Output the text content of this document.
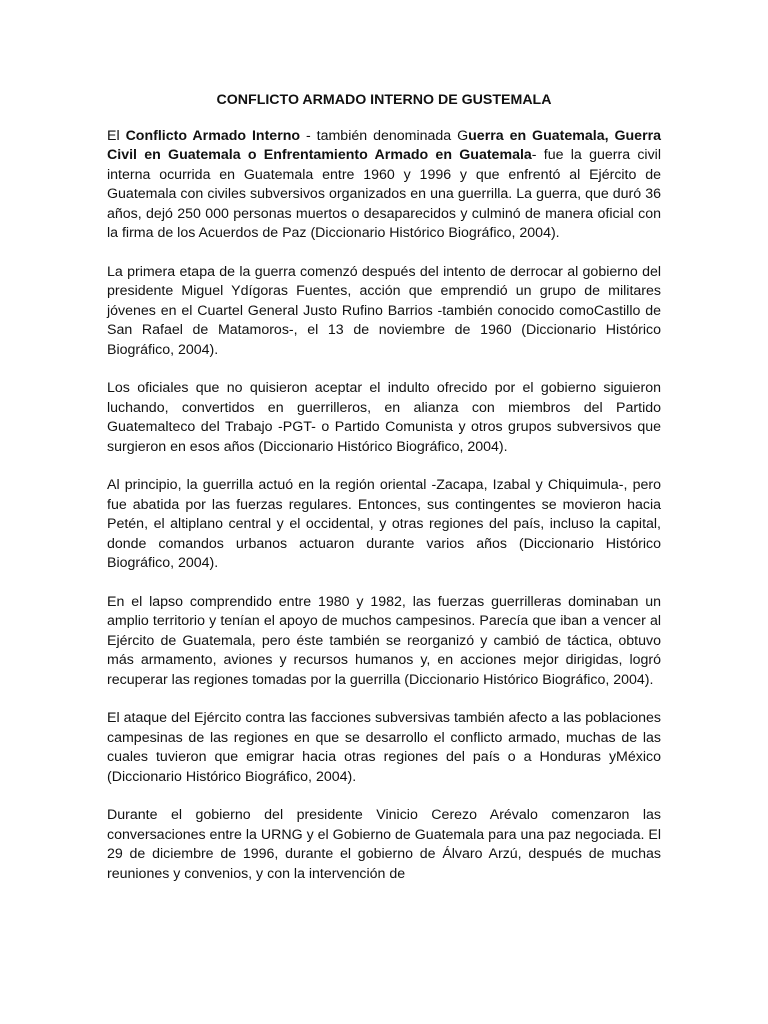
CONFLICTO ARMADO INTERNO DE GUSTEMALA

El Conflicto Armado Interno - también denominada Guerra en Guatemala, Guerra Civil en Guatemala o Enfrentamiento Armado en Guatemala- fue la guerra civil interna ocurrida en Guatemala entre 1960 y 1996 y que enfrentó al Ejército de Guatemala con civiles subversivos organizados en una guerrilla. La guerra, que duró 36 años, dejó 250 000 personas muertos o desaparecidos y culminó de manera oficial con la firma de los Acuerdos de Paz (Diccionario Histórico Biográfico, 2004).

La primera etapa de la guerra comenzó después del intento de derrocar al gobierno del presidente Miguel Ydígoras Fuentes, acción que emprendió un grupo de militares jóvenes en el Cuartel General Justo Rufino Barrios -también conocido comoCastillo de San Rafael de Matamoros-, el 13 de noviembre de 1960 (Diccionario Histórico Biográfico, 2004).

Los oficiales que no quisieron aceptar el indulto ofrecido por el gobierno siguieron luchando, convertidos en guerrilleros, en alianza con miembros del Partido Guatemalteco del Trabajo -PGT- o Partido Comunista y otros grupos subversivos que surgieron en esos años (Diccionario Histórico Biográfico, 2004).

Al principio, la guerrilla actuó en la región oriental -Zacapa, Izabal y Chiquimula-, pero fue abatida por las fuerzas regulares. Entonces, sus contingentes se movieron hacia Petén, el altiplano central y el occidental, y otras regiones del país, incluso la capital, donde comandos urbanos actuaron durante varios años (Diccionario Histórico Biográfico, 2004).

En el lapso comprendido entre 1980 y 1982, las fuerzas guerrilleras dominaban un amplio territorio y tenían el apoyo de muchos campesinos. Parecía que iban a vencer al Ejército de Guatemala, pero éste también se reorganizó y cambió de táctica, obtuvo más armamento, aviones y recursos humanos y, en acciones mejor dirigidas, logró recuperar las regiones tomadas por la guerrilla (Diccionario Histórico Biográfico, 2004).

El ataque del Ejército contra las facciones subversivas también afecto a las poblaciones campesinas de las regiones en que se desarrollo el conflicto armado, muchas de las cuales tuvieron que emigrar hacia otras regiones del país o a Honduras yMéxico (Diccionario Histórico Biográfico, 2004).

Durante el gobierno del presidente Vinicio Cerezo Arévalo comenzaron las conversaciones entre la URNG y el Gobierno de Guatemala para una paz negociada. El 29 de diciembre de 1996, durante el gobierno de Álvaro Arzú, después de muchas reuniones y convenios, y con la intervención de
